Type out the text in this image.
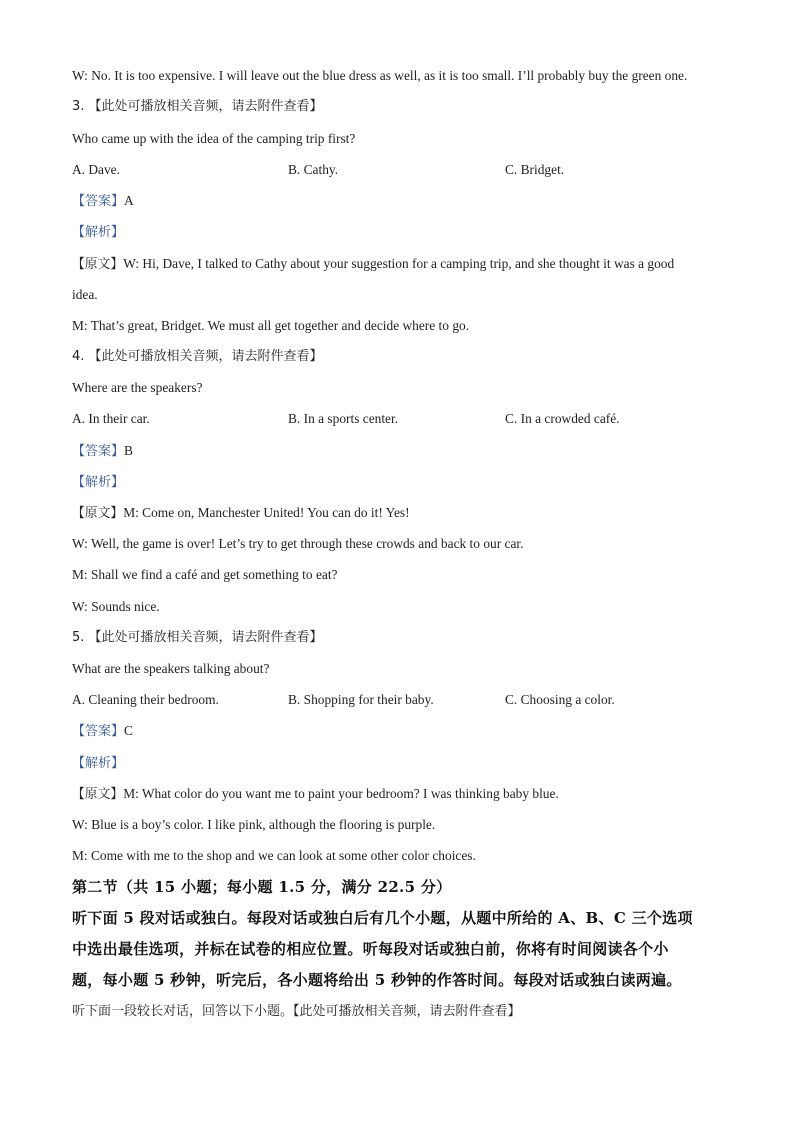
W: No. It is too expensive. I will leave out the blue dress as well, as it is too small. I’ll probably buy the green one.
3. 【此处可播放相关音频，请去附件查看】
Who came up with the idea of the camping trip first?
A. Dave.	B. Cathy.	C. Bridget.
【答案】A
【解析】
【原文】W: Hi, Dave, I talked to Cathy about your suggestion for a camping trip, and she thought it was a good
idea.
M: That’s great, Bridget. We must all get together and decide where to go.
4. 【此处可播放相关音频，请去附件查看】
Where are the speakers?
A. In their car.	B. In a sports center.	C. In a crowded café.
【答案】B
【解析】
【原文】M: Come on, Manchester United! You can do it! Yes!
W: Well, the game is over! Let’s try to get through these crowds and back to our car.
M: Shall we find a café and get something to eat?
W: Sounds nice.
5. 【此处可播放相关音频，请去附件查看】
What are the speakers talking about?
A. Cleaning their bedroom.	B. Shopping for their baby.	C. Choosing a color.
【答案】C
【解析】
【原文】M: What color do you want me to paint your bedroom? I was thinking baby blue.
W: Blue is a boy’s color. I like pink, although the flooring is purple.
M: Come with me to the shop and we can look at some other color choices.
第二节（共 15 小题；每小题 1.5 分，满分 22.5 分）
听下面 5 段对话或独白。每段对话或独白后有几个小题，从题中所给的 A、B、C 三个选项
中选出最佳选项，并标在试卷的相应位置。听每段对话或独白前，你将有时间阅读各个小
题，每小题 5 秒钟，听完后，各小题将给出 5 秒钟的作答时间。每段对话或独白读两遍。
听下面一段较长对话，回答以下小题。【此处可播放相关音频，请去附件查看】
